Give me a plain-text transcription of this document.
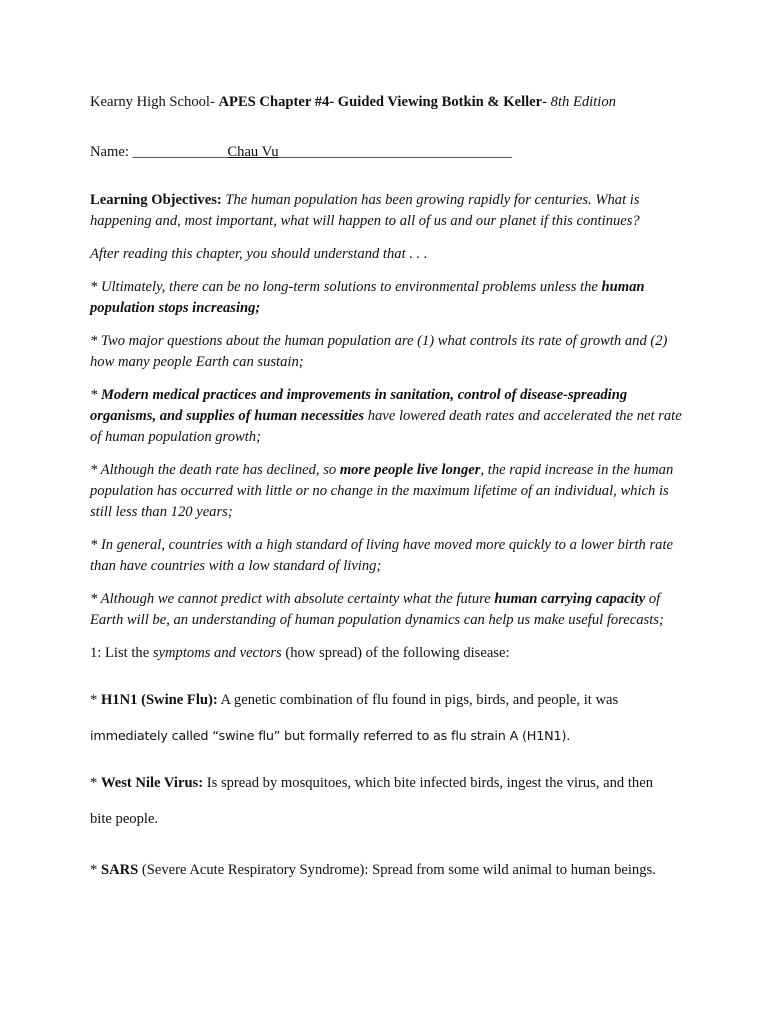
Kearny High School- APES Chapter #4- Guided Viewing Botkin & Keller- 8th Edition

Name: _____________Chau Vu________________________________

Learning Objectives: The human population has been growing rapidly for centuries. What is happening and, most important, what will happen to all of us and our planet if this continues?

After reading this chapter, you should understand that . . .

* Ultimately, there can be no long-term solutions to environmental problems unless the human population stops increasing;

* Two major questions about the human population are (1) what controls its rate of growth and (2) how many people Earth can sustain;

* Modern medical practices and improvements in sanitation, control of disease-spreading organisms, and supplies of human necessities have lowered death rates and accelerated the net rate of human population growth;

* Although the death rate has declined, so more people live longer, the rapid increase in the human population has occurred with little or no change in the maximum lifetime of an individual, which is still less than 120 years;

* In general, countries with a high standard of living have moved more quickly to a lower birth rate than have countries with a low standard of living;

* Although we cannot predict with absolute certainty what the future human carrying capacity of Earth will be, an understanding of human population dynamics can help us make useful forecasts;

1: List the symptoms and vectors (how spread) of the following disease:

* H1N1 (Swine Flu): A genetic combination of flu found in pigs, birds, and people, it was

immediately called “swine flu” but formally referred to as flu strain A (H1N1).

* West Nile Virus: Is spread by mosquitoes, which bite infected birds, ingest the virus, and then

bite people.

* SARS (Severe Acute Respiratory Syndrome): Spread from some wild animal to human beings.
